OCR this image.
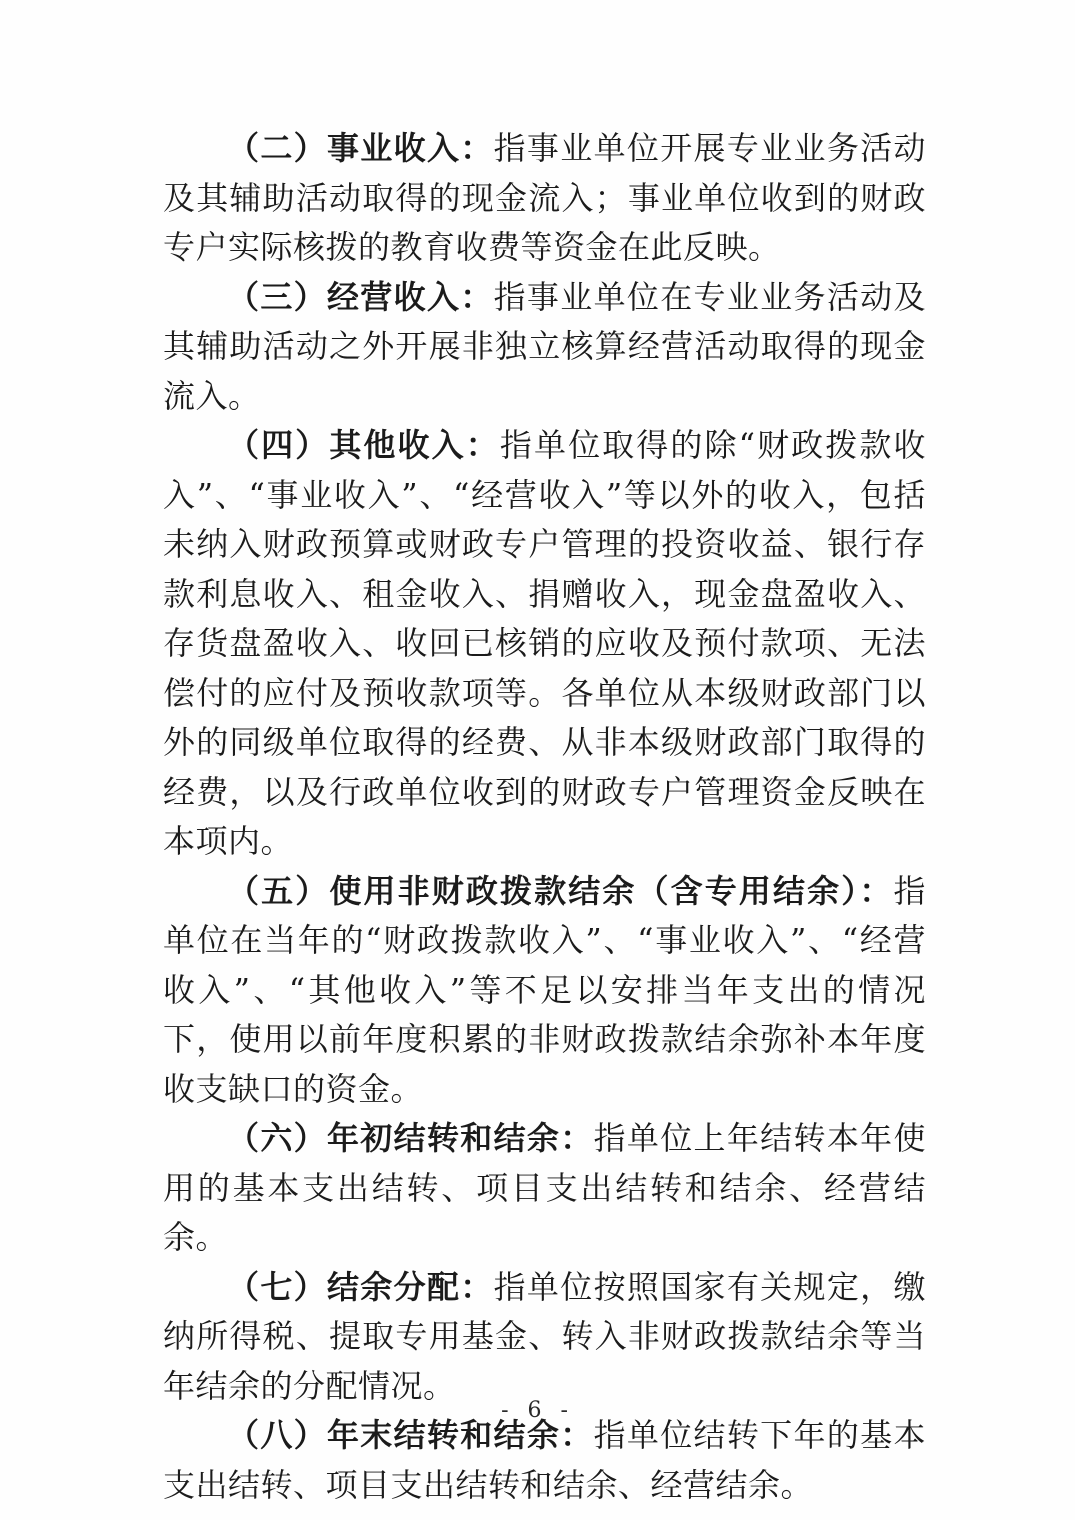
（二）事业收入：指事业单位开展专业业务活动及其辅助活动取得的现金流入；事业单位收到的财政专户实际核拨的教育收费等资金在此反映。

（三）经营收入：指事业单位在专业业务活动及其辅助活动之外开展非独立核算经营活动取得的现金流入。

（四）其他收入：指单位取得的除“财政拨款收入”、“事业收入”、“经营收入”等以外的收入，包括未纳入财政预算或财政专户管理的投资收益、银行存款利息收入、租金收入、捐赠收入，现金盘盈收入、存货盘盈收入、收回已核销的应收及预付款项、无法偿付的应付及预收款项等。各单位从本级财政部门以外的同级单位取得的经费、从非本级财政部门取得的经费，以及行政单位收到的财政专户管理资金反映在本项内。

（五）使用非财政拨款结余（含专用结余）：指单位在当年的“财政拨款收入”、“事业收入”、“经营收入”、“其他收入”等不足以安排当年支出的情况下，使用以前年度积累的非财政拨款结余弥补本年度收支缺口的资金。

（六）年初结转和结余：指单位上年结转本年使用的基本支出结转、项目支出结转和结余、经营结余。

（七）结余分配：指单位按照国家有关规定，缴纳所得税、提取专用基金、转入非财政拨款结余等当年结余的分配情况。

（八）年末结转和结余：指单位结转下年的基本支出结转、项目支出结转和结余、经营结余。

- 6 -
